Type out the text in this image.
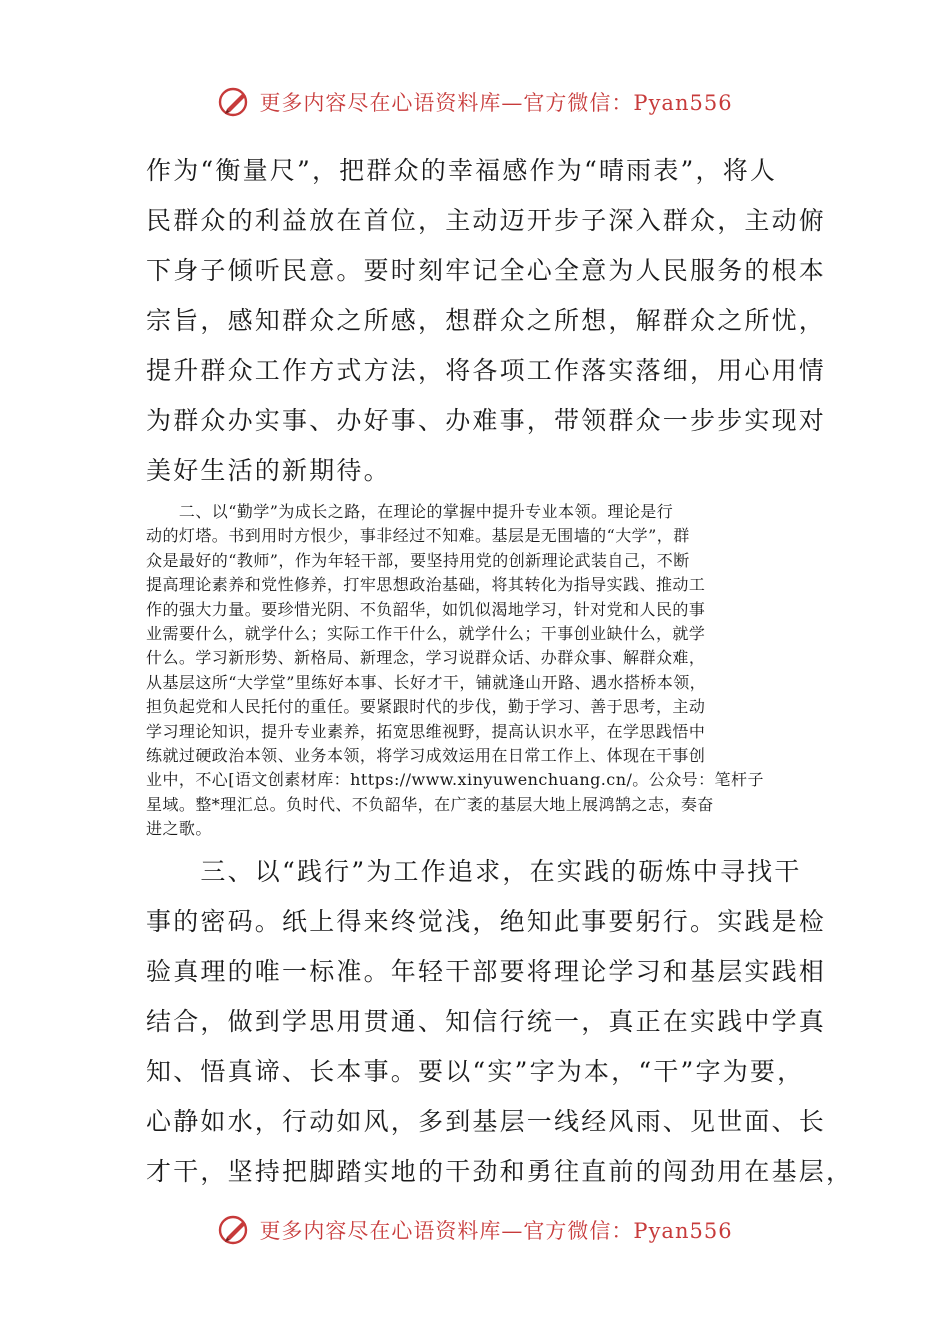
更多内容尽在心语资料库—官方微信：Pyan556
作为“衡量尺”，把群众的幸福感作为“晴雨表”，将人
民群众的利益放在首位，主动迈开步子深入群众，主动俯
下身子倾听民意。要时刻牢记全心全意为人民服务的根本
宗旨，感知群众之所感，想群众之所想，解群众之所忧，
提升群众工作方式方法，将各项工作落实落细，用心用情
为群众办实事、办好事、办难事，带领群众一步步实现对
美好生活的新期待。
　　二、以“勤学”为成长之路，在理论的掌握中提升专业本领。理论是行
动的灯塔。书到用时方恨少，事非经过不知难。基层是无围墙的“大学”，群
众是最好的“教师”，作为年轻干部，要坚持用党的创新理论武装自己，不断
提高理论素养和党性修养，打牢思想政治基础，将其转化为指导实践、推动工
作的强大力量。要珍惜光阴、不负韶华，如饥似渴地学习，针对党和人民的事
业需要什么，就学什么；实际工作干什么，就学什么；干事创业缺什么，就学
什么。学习新形势、新格局、新理念，学习说群众话、办群众事、解群众难，
从基层这所“大学堂”里练好本事、长好才干，铺就逢山开路、遇水搭桥本领，
担负起党和人民托付的重任。要紧跟时代的步伐，勤于学习、善于思考，主动
学习理论知识，提升专业素养，拓宽思维视野，提高认识水平，在学思践悟中
练就过硬政治本领、业务本领，将学习成效运用在日常工作上、体现在干事创
业中，不心[语文创素材库：https://www.xinyuwenchuang.cn/。公众号：笔杆子
星域。整*理汇总。负时代、不负韶华，在广袤的基层大地上展鸿鹄之志，奏奋
进之歌。
　　三、以“践行”为工作追求，在实践的砺炼中寻找干
事的密码。纸上得来终觉浅，绝知此事要躬行。实践是检
验真理的唯一标准。年轻干部要将理论学习和基层实践相
结合，做到学思用贯通、知信行统一，真正在实践中学真
知、悟真谛、长本事。要以“实”字为本，“干”字为要，
心静如水，行动如风，多到基层一线经风雨、见世面、长
才干，坚持把脚踏实地的干劲和勇往直前的闯劲用在基层，
更多内容尽在心语资料库—官方微信：Pyan556
